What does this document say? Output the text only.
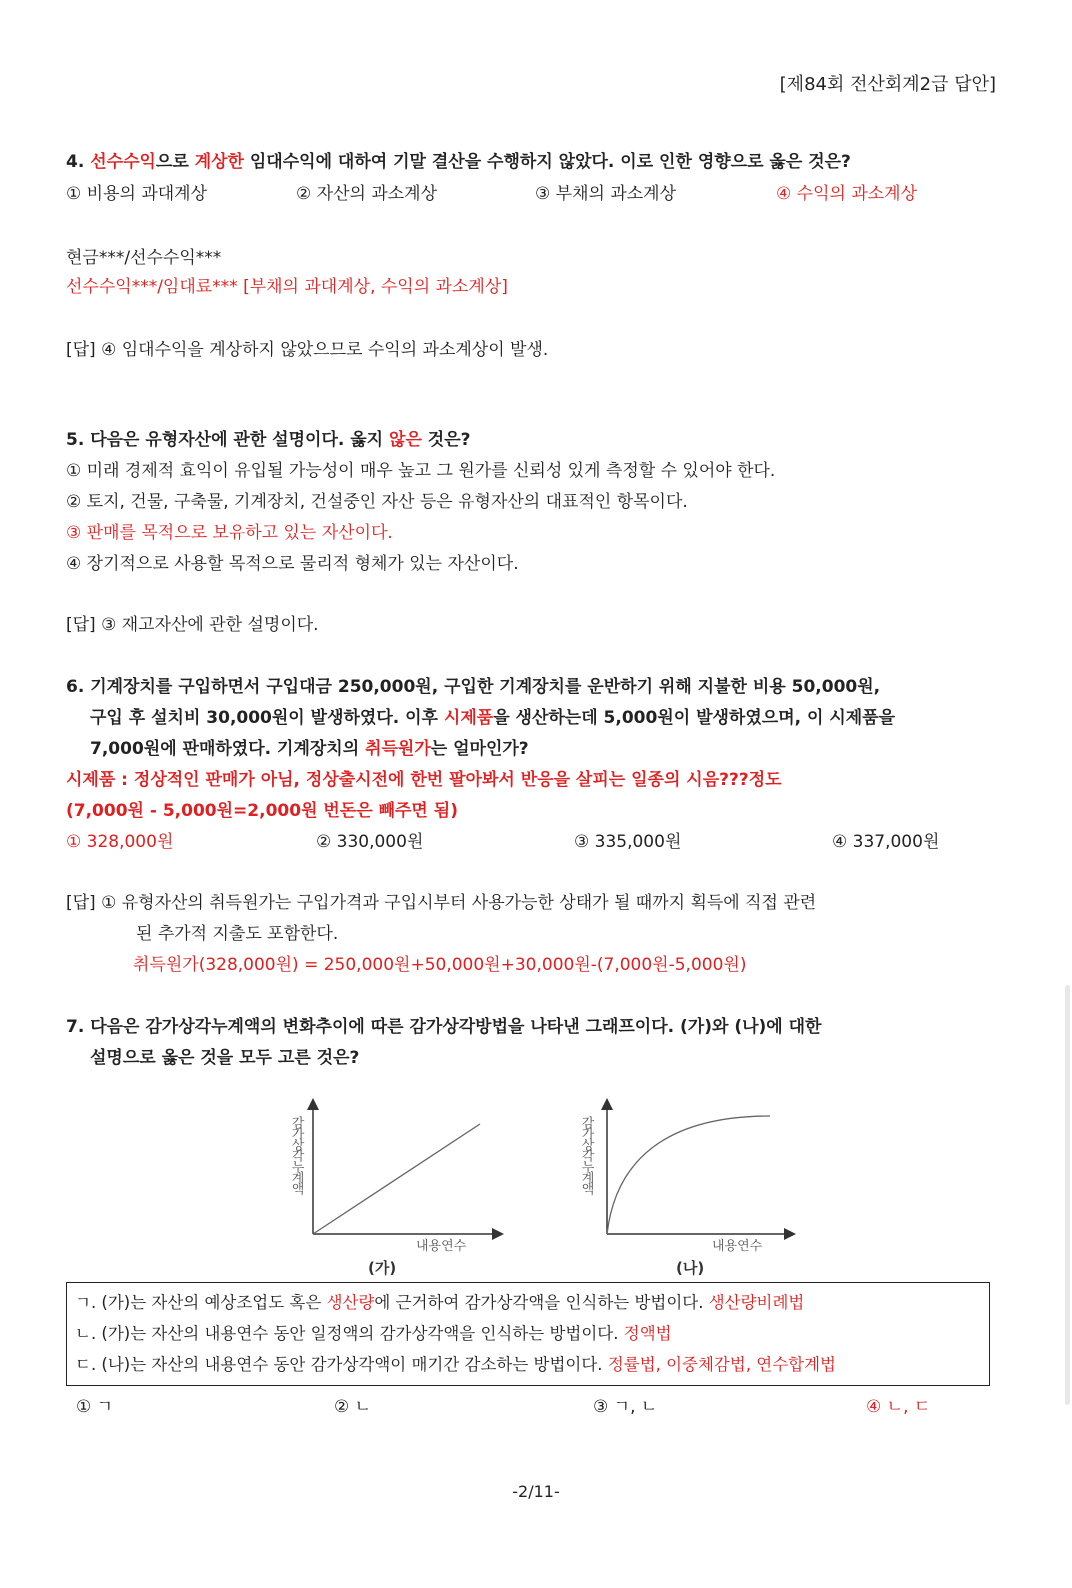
[제84회 전산회계2급 답안]
4. 선수수익으로 계상한 임대수익에 대하여 기말 결산을 수행하지 않았다. 이로 인한 영향으로 옳은 것은?
① 비용의 과대계상	② 자산의 과소계상	③ 부채의 과소계상	④ 수익의 과소계상
현금***/선수수익***
선수수익***/임대료*** [부채의 과대계상, 수익의 과소계상]
[답] ④ 임대수익을 계상하지 않았으므로 수익의 과소계상이 발생.
5. 다음은 유형자산에 관한 설명이다. 옳지 않은 것은?
① 미래 경제적 효익이 유입될 가능성이 매우 높고 그 원가를 신뢰성 있게 측정할 수 있어야 한다.
② 토지, 건물, 구축물, 기계장치, 건설중인 자산 등은 유형자산의 대표적인 항목이다.
③ 판매를 목적으로 보유하고 있는 자산이다.
④ 장기적으로 사용할 목적으로 물리적 형체가 있는 자산이다.
[답] ③ 재고자산에 관한 설명이다.
6. 기계장치를 구입하면서 구입대금 250,000원, 구입한 기계장치를 운반하기 위해 지불한 비용 50,000원,
구입 후 설치비 30,000원이 발생하였다. 이후 시제품을 생산하는데 5,000원이 발생하였으며, 이 시제품을
7,000원에 판매하였다. 기계장치의 취득원가는 얼마인가?
시제품 : 정상적인 판매가 아님, 정상출시전에 한번 팔아봐서 반응을 살피는 일종의 시음???정도
(7,000원 - 5,000원=2,000원 번돈은 빼주면 됨)
① 328,000원	② 330,000원	③ 335,000원	④ 337,000원
[답] ① 유형자산의 취득원가는 구입가격과 구입시부터 사용가능한 상태가 될 때까지 획득에 직접 관련
된 추가적 지출도 포함한다.
취득원가(328,000원) = 250,000원+50,000원+30,000원-(7,000원-5,000원)
7. 다음은 감가상각누계액의 변화추이에 따른 감가상각방법을 나타낸 그래프이다. (가)와 (나)에 대한
설명으로 옳은 것을 모두 고른 것은?
감가상각누계액
내용연수
(가)
감가상각누계액
내용연수
(나)
ㄱ. (가)는 자산의 예상조업도 혹은 생산량에 근거하여 감가상각액을 인식하는 방법이다. 생산량비례법
ㄴ. (가)는 자산의 내용연수 동안 일정액의 감가상각액을 인식하는 방법이다. 정액법
ㄷ. (나)는 자산의 내용연수 동안 감가상각액이 매기간 감소하는 방법이다. 정률법, 이중체감법, 연수합계법
① ㄱ	② ㄴ	③ ㄱ, ㄴ	④ ㄴ, ㄷ
-2/11-
